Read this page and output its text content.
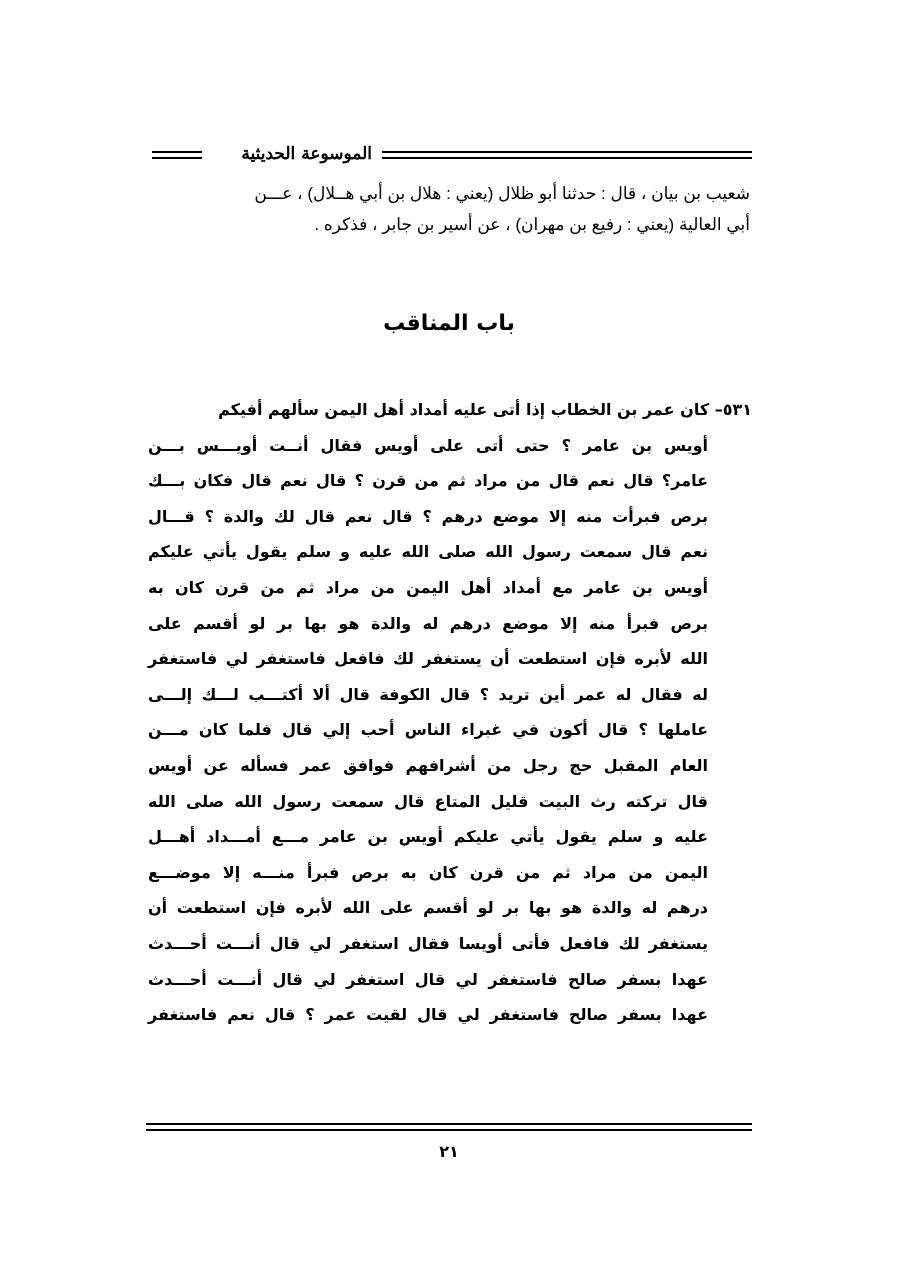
الموسوعة الحديثية

شعيب بن بيان ، قال : حدثنا أبو ظلال (يعني : هلال بن أبي هــلال) ، عـــن

أبي العالية (يعني : رفيع بن مهران) ، عن أسير بن جابر ، فذكره .

باب المناقب
٥٣١– كان عمر بن الخطاب إذا أتى عليه أمداد أهل اليمن سألهم أفيكم
أويس بن عامر ؟ حتى أتى على أويس فقال أنــت أويـــس بـــن
عامر؟ قال نعم قال من مراد ثم من قرن ؟ قال نعم قال فكان بـــك
برص فبرأت منه إلا موضع درهم ؟ قال نعم قال لك والدة ؟ قـــال
نعم قال سمعت رسول الله صلى الله عليه و سلم يقول يأتي عليكم
أويس بن عامر مع أمداد أهل اليمن من مراد ثم من قرن كان به
برص فبرأ منه إلا موضع درهم له والدة هو بها بر لو أقسم على
الله لأبره فإن استطعت أن يستغفر لك فافعل فاستغفر لي فاستغفر
له فقال له عمر أين تريد ؟ قال الكوفة قال ألا أكتـــب لـــك إلـــى
عاملها ؟ قال أكون في غبراء الناس أحب إلي قال فلما كان مـــن
العام المقبل حج رجل من أشرافهم فوافق عمر فسأله عن أويس
قال تركته رث البيت قليل المتاع قال سمعت رسول الله صلى الله
عليه و سلم يقول يأتي عليكم أويس بن عامر مـــع أمـــداد أهـــل
اليمن من مراد ثم من قرن كان به برص فبرأ منـــه إلا موضـــع
درهم له والدة هو بها بر لو أقسم على الله لأبره فإن استطعت أن
يستغفر لك فافعل فأتى أويسا فقال استغفر لي قال أنـــت أحـــدث
عهدا بسفر صالح فاستغفر لي قال استغفر لي قال أنـــت أحـــدث
عهدا بسفر صالح فاستغفر لي قال لقيت عمر ؟ قال نعم فاستغفر
٢١
